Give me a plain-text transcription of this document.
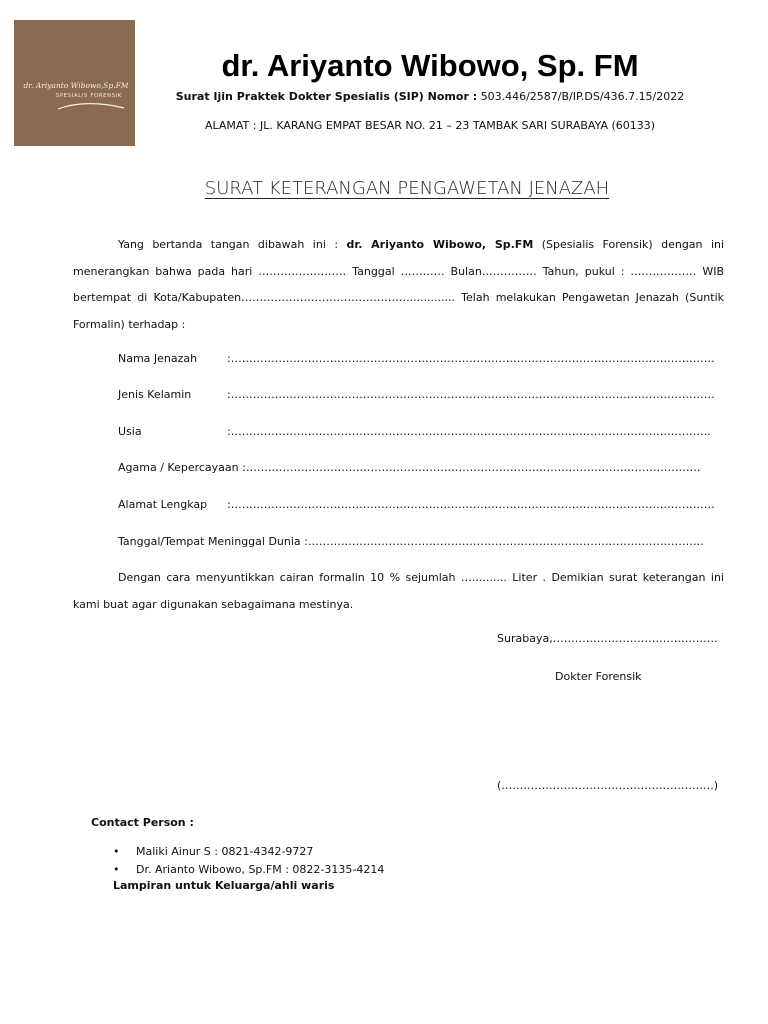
dr. Ariyanto Wibowo,Sp.FM
SPESIALIS FORENSIK
dr. Ariyanto Wibowo, Sp. FM
Surat Ijin Praktek Dokter Spesialis (SIP) Nomor : 503.446/2587/B/IP.DS/436.7.15/2022
ALAMAT : JL. KARANG EMPAT BESAR NO. 21 – 23 TAMBAK SARI SURABAYA (60133)
SURAT KETERANGAN PENGAWETAN JENAZAH
Yang bertanda tangan dibawah ini : dr. Ariyanto Wibowo, Sp.FM (Spesialis Forensik) dengan ini menerangkan bahwa pada hari …………………… Tanggal ………… Bulan…………… Tahun, pukul : ……………… WIB bertempat di Kota/Kabupaten……………………………………….............. Telah melakukan Pengawetan Jenazah (Suntik Formalin) terhadap :
Nama Jenazah	:……………………………………………………………………………………………………………………
Jenis Kelamin	:……………………………………………………………………………………………………………………
Usia	:…………………………………………………………………………………………………………………..
Agama / Kepercayaan :…………………………………………………………………………………………………………….
Alamat Lengkap :……………………………………………………………………………………………………………………
Tanggal/Tempat Meninggal Dunia :………………………………………………………………………………………………
Dengan cara menyuntikkan cairan formalin 10 % sejumlah ….......... Liter . Demikian surat keterangan ini kami buat agar digunakan sebagaimana mestinya.
Surabaya,………………………………………
Dokter Forensik
(………………………………………………….)
Contact Person :
• Maliki Ainur S : 0821-4342-9727
• Dr. Arianto Wibowo, Sp.FM : 0822-3135-4214
Lampiran untuk Keluarga/ahli waris
